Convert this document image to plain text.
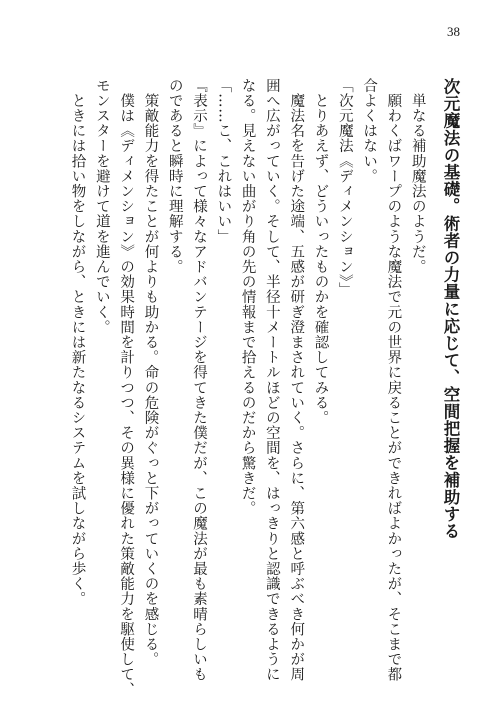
38
次元魔法の基礎。術者の力量に応じて、空間把握を補助する
　単なる補助魔法のようだ。
　願わくばワープのような魔法で元の世界に戻ることができればよかったが、そこまで都
合よくはない。
「次元魔法《ディメンション》」
　とりあえず、どういったものかを確認してみる。
　魔法名を告げた途端、五感が研ぎ澄まされていく。さらに、第六感と呼ぶべき何かが周
囲へ広がっていく。そして、半径十メートルほどの空間を、はっきりと認識できるように
なる。見えない曲がり角の先の情報まで拾えるのだから驚きだ。
「……こ、これはいい」
『表示』によって様々なアドバンテージを得てきた僕だが、この魔法が最も素晴らしいも
のであると瞬時に理解する。
　策敵能力を得たことが何よりも助かる。命の危険がぐっと下がっていくのを感じる。
　僕は《ディメンション》の効果時間を計りつつ、その異様に優れた策敵能力を駆使して、
モンスターを避けて道を進んでいく。
　ときには拾い物をしながら、ときには新たなるシステムを試しながら歩く。
